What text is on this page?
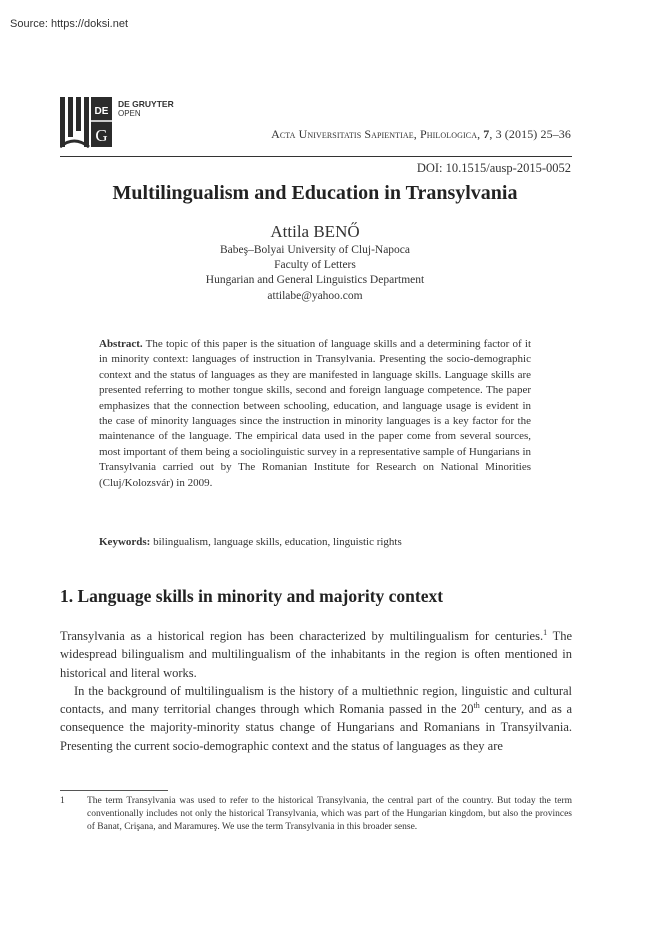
Source: https://doksi.net
DE
G
DE GRUYTER
OPEN
Acta Universitatis Sapientiae, Philologica, 7, 3 (2015) 25–36
DOI: 10.1515/ausp-2015-0052
Multilingualism and Education in Transylvania
Attila BENŐ
Babeş–Bolyai University of Cluj-Napoca
Faculty of Letters
Hungarian and General Linguistics Department
attilabe@yahoo.com
Abstract. The topic of this paper is the situation of language skills and a determining factor of it in minority context: languages of instruction in Transylvania. Presenting the socio-demographic context and the status of languages as they are manifested in language skills. Language skills are presented referring to mother tongue skills, second and foreign language competence. The paper emphasizes that the connection between schooling, education, and language usage is evident in the case of minority languages since the instruction in minority languages is a key factor for the maintenance of the language. The empirical data used in the paper come from several sources, most important of them being a sociolinguistic survey in a representative sample of Hungarians in Transylvania carried out by The Romanian Institute for Research on National Minorities (Cluj/Kolozsvár) in 2009.
Keywords: bilingualism, language skills, education, linguistic rights
1. Language skills in minority and majority context

Transylvania as a historical region has been characterized by multilingualism for centuries.$^1$ The widespread bilingualism and multilingualism of the inhabitants in the region is often mentioned in historical and literal works.

In the background of multilingualism is the history of a multiethnic region, linguistic and cultural contacts, and many territorial changes through which Romania passed in the 20th century, and as a consequence the majority-minority status change of Hungarians and Romanians in Transyilvania. Presenting the current socio-demographic context and the status of languages as they are

1 The term Transylvania was used to refer to the historical Transylvania, the central part of the country. But today the term conventionally includes not only the historical Transylvania, which was part of the Hungarian kingdom, but also the provinces of Banat, Crişana, and Maramureş. We use the term Transylvania in this broader sense.
